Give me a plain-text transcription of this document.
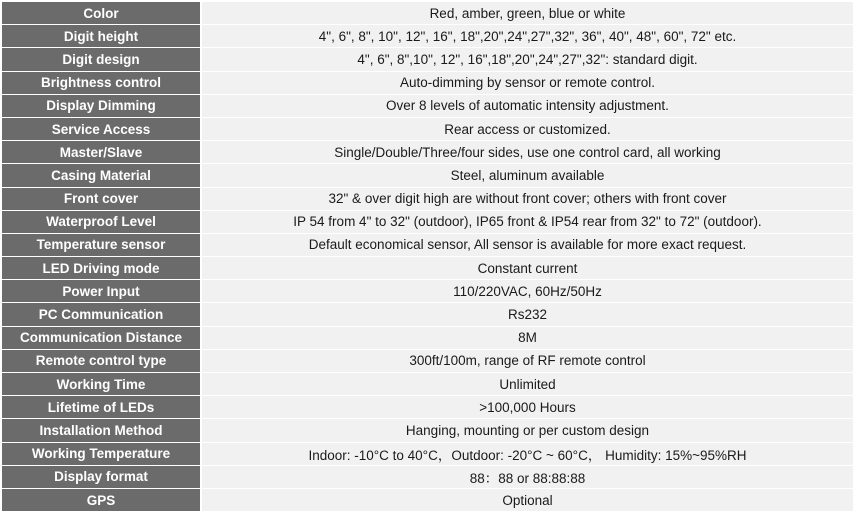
Color	Red, amber, green, blue or white
Digit height	4", 6", 8", 10", 12", 16", 18",20",24",27",32", 36", 40", 48", 60", 72" etc.
Digit design	4", 6", 8",10", 12", 16",18",20",24",27",32": standard digit.
Brightness control	Auto-dimming by sensor or remote control.
Display Dimming	Over 8 levels of automatic intensity adjustment.
Service Access	Rear access or customized.
Master/Slave	Single/Double/Three/four sides, use one control card, all working
Casing Material	Steel, aluminum available
Front cover	32" & over digit high are without front cover; others with front cover
Waterproof Level	IP 54 from 4" to 32" (outdoor), IP65 front & IP54 rear from 32" to 72" (outdoor).
Temperature sensor	Default economical sensor, All sensor is available for more exact request.
LED Driving mode	Constant current
Power Input	110/220VAC, 60Hz/50Hz
PC Communication	Rs232
Communication Distance	8M
Remote control type	300ft/100m, range of RF remote control
Working Time	Unlimited
Lifetime of LEDs	>100,000 Hours
Installation Method	Hanging, mounting or per custom design
Working Temperature	Indoor: -10°C to 40°C，Outdoor: -20°C ~ 60°C， Humidity: 15%~95%RH
Display format	88：88 or 88:88:88
GPS	Optional
